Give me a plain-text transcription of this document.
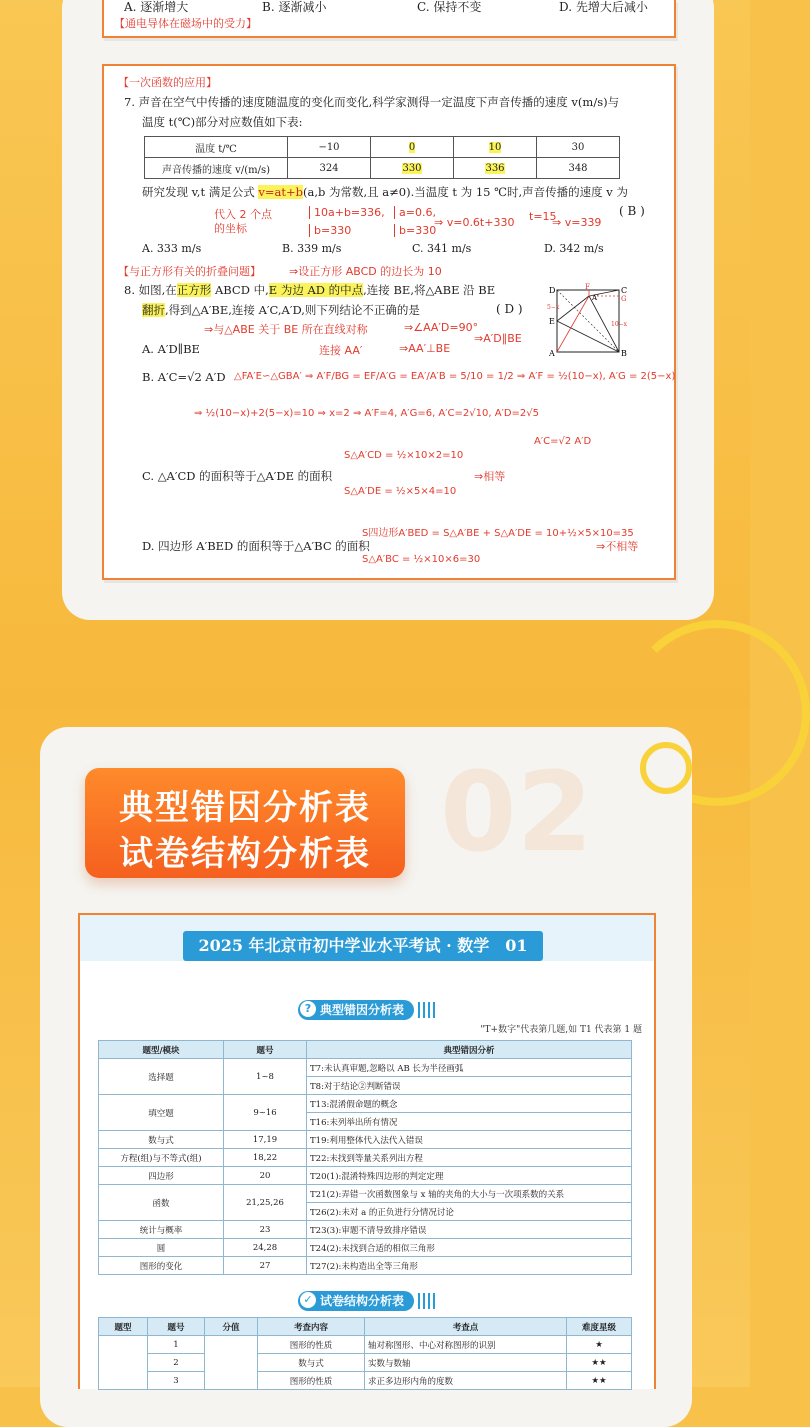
A. 逐渐增大	B. 逐渐减小	C. 保持不变	D. 先增大后减小
【通电导体在磁场中的受力】
【一次函数的应用】
7. 声音在空气中传播的速度随温度的变化而变化,科学家测得一定温度下声音传播的速度 v(m/s)与
温度 t(℃)部分对应数值如下表:
温度 t/℃	−10	0	10	30
声音传播的速度 v/(m/s)	324	330	336	348
研究发现 v,t 满足公式 v=at+b(a,b 为常数,且 a≠0).当温度 t 为 15 ℃时,声音传播的速度 v 为
( B )
代入 2 个点
的坐标
10a+b=336,
b=330
a=0.6,
b=330
⇒ v=0.6t+330 t=15
⇒ v=339
A. 333 m/s	B. 339 m/s	C. 341 m/s	D. 342 m/s
【与正方形有关的折叠问题】	⇒设正方形 ABCD 的边长为 10
8. 如图,在正方形 ABCD 中,E 为边 AD 的中点,连接 BE,将△ABE 沿 BE
翻折,得到△A′BE,连接 A′C,A′D,则下列结论不正确的是	( D )
D	F	C
A′	G
5−x
E	10−x
A	B
⇒与△ABE 关于 BE 所在直线对称	⇒∠AA′D=90°
A. A′D∥BE	连接 AA′	⇒AA′⊥BE
⇒A′D∥BE
B. A′C=√2 A′D △FA′E∽△GBA′ ⇒ A′F/BG = EF/A′G = EA′/A′B = 5/10 = 1/2 ⇒ A′F = ½(10−x), A′G = 2(5−x)
⇒ ½(10−x)+2(5−x)=10 ⇒ x=2 ⇒ A′F=4, A′G=6, A′C=2√10, A′D=2√5
A′C=√2 A′D
S△A′CD = ½×10×2=10
C. △A′CD 的面积等于△A′DE 的面积
S△A′DE = ½×5×4=10
⇒相等
S四边形A′BED = S△A′BE + S△A′DE = 10+½×5×10=35
D. 四边形 A′BED 的面积等于△A′BC 的面积
S△A′BC = ½×10×6=30
⇒不相等
02
典型错因分析表
试卷结构分析表
2025 年北京市初中学业水平考试 · 数学　01
? 典型错因分析表
"T+数字"代表第几题,如 T1 代表第 1 题
题型/模块	题号	典型错因分析
选择题	1~8	T7:未认真审题,忽略以 AB 长为半径画弧
		T8:对于结论②判断错误
填空题	9~16	T13:混淆假命题的概念
		T16:未列举出所有情况
数与式	17,19	T19:利用整体代入法代入错误
方程(组)与不等式(组)	18,22	T22:未找到等量关系列出方程
四边形	20	T20(1):混淆特殊四边形的判定定理
函数	21,25,26	T21(2):弄错一次函数图象与 x 轴的夹角的大小与一次项系数的关系
		T26(2):未对 a 的正负进行分情况讨论
统计与概率	23	T23(3):审题不清导致排序错误
圆	24,28	T24(2):未找到合适的相似三角形
图形的变化	27	T27(2):未构造出全等三角形
✓ 试卷结构分析表
题型	题号	分值	考查内容	考查点	难度星级
	1		图形的性质	轴对称图形、中心对称图形的识别	★
	2		数与式	实数与数轴	★★
	3		图形的性质	求正多边形内角的度数	★★
